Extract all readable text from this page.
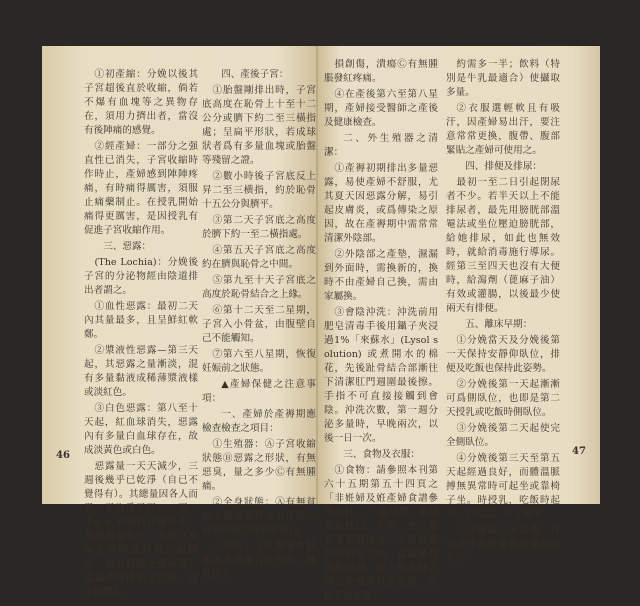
①初產縮：分娩以後其子宮超後直於收縮，倘若不爆有血塊等之異物存在，須用力擠出者，當沒有後陣痛的感覺。

②經產婦：一部分之强直性已消失，子宮收縮時作時止，產婦感到陣陣疼痛，有時痛得厲害，須服止痛藥制止。在授乳開始痛得更厲害，是因授乳有促進子宮收縮作用。

三、惡露：

(The Lochia)：分娩後子宮的分泌物經由陰道排出者謂之。

①血性惡露：最初二天內其量最多，且呈鮮紅軟鄭。

②漿液性惡露—第三天起，其惡露之量漸淡，混有多量黏液成稀薄漿液樣或淡紅色。

③白色惡露：第八至十天起，紅血球消失，惡露內有多量白血球存在，故成淡黃色或白色。

惡露量一天天減少，三週後幾乎已乾淨（自已不覺得有）。其總量因各人而異，平均爲五百c. c.至一千c. c.若親自行哺乳者，其惡露量較少。惡露之臭味正常時爲特別之血腥味。如有腐敗之臭味者，常爲產後傳染之症狀，得求助醫生。

四、產後子宮：

①胎盤剛排出時，子宮底高度在恥骨上十至十二公分或臍下約二至三橫指處；呈扁平形狀，若成球狀者爲有多量血塊或胎盤等殘留之證。

②數小時後子宮底反上昇二至三横指，約於恥骨十五公分與臍平。

③第二天子宮底之高度於臍下約一至二橫指處。

④第五天子宮底之高度約在臍與恥骨之中間。

⑤第九至十天子宮底之高度於恥骨結合之上緣。

⑥第十二天至二星期，子宮入小骨盆，由腹壁自己不能觸知。

⑦第六至八星期，恢復妊娠前之狀態。

▲產婦保健之注意事項：

一、產婦於產褥期應檢查檢查之項目：

①生殖器：Ⓐ子宮收縮狀態Ⓑ惡露之形狀，有無惡臭，量之多少Ⓒ有無腫痛。

②全身狀態：Ⓐ有無貧血Ⓑ體溫脈搏是否正常Ⓒ有無浮腫Ⓓ有無尿蛋白。

③乳房：Ⓐ乳腺發育狀態Ⓑ乳頭適合於授乳，哺乳否有

46

損創傷，潰瘍Ⓒ有無腫脹發紅疼痛。

④在產後第六至第八星期，產婦接受醫師之產後及健康檢查。

二、外生殖器之清潔：

①產褥初期排出多量惡露，易使產婦不舒服，尤其夏天因惡露分解，易引起皮膚炎，或爲傳染之原因，故在產褥期中需常常清潔外陰部。

②外陰部之產墊，濕漏到外面時，需換新的，換時不由產婦自己換，需由家屬換。

③會陰沖洗：沖洗前用肥皂清毒手後用鑷子夾浸過1%「來蘇水」(Lysol solution) 或煮開水的棉花，先後趾骨結合部漸往下清潔肛門週圍最後擦。手指不可直接接觸到會陰。沖洗次數，第一週分泌多量時，早晚兩次，以後一日一次。

三、食物及衣服：

①食物：請參照本刊第六十五期第五十四頁之「非姙婦及姙產婦食譜參考資料」。一般早期，最初開始飲口，牛奶、粥、蛋黃等易消化者；平常習慣所吃的混合物，食量隨其食慾增減，因一般產婦之部分營養需供給乳兒，故比平常食量

約需多一半；飲料（特別是牛乳最適合）使攝取多量。

②衣服選輕軟且有吸汗，因產婦易出汗，要注意常常更換，腹帶、腹部緊貼之產婦可使用之。

四、排便及排尿：

最初一至二日引起閉尿者不少。若半天以上不能排尿者，最先用膀胱部溫罨法或坐位壓迫膀胱部，給她排尿，如此也無效時，就給消毒施行導尿。經第三至四天也沒有大便時，給瀉劑（蓖麻子油）有效或灌腸，以後最少使兩天有排便。

五、離床早期：

①分娩當天及分娩後第一天保持安靜仰臥位，排便及吃飯也保持此姿勢。

②分娩後第一天起漸漸可爲側臥位，也即是第二天授乳或吃飯時側臥位。

③分娩後第二天起使完全側臥位。

④分娩後第三天至第五天起經過良好，而體溫脈搏無異常時可起坐或靠椅子坐。時授乳，吃飯時起坐，近的話，可上廁所。

⑤分娩第六天以後，可完全任產婦隨意在家庭內步行。

47
